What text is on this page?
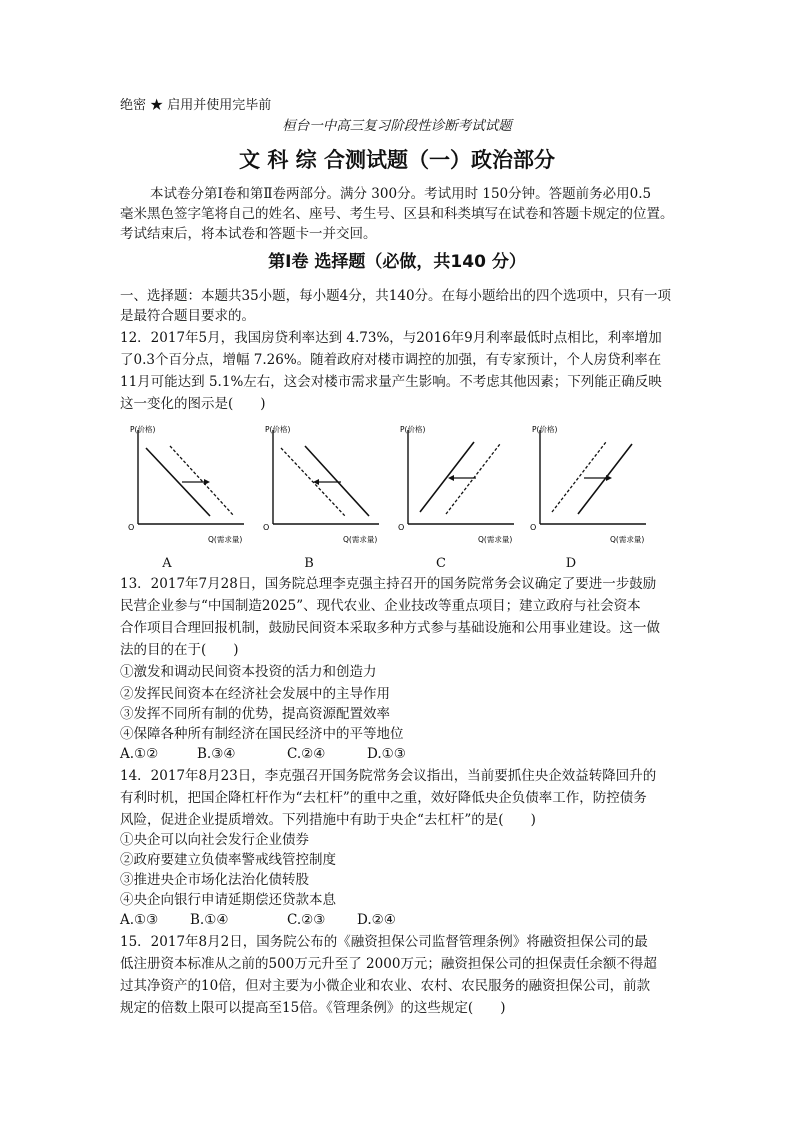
绝密 ★ 启用并使用完毕前
桓台一中高三复习阶段性诊断考试试题
文 科 综 合测试题（一）政治部分
本试卷分第Ⅰ卷和第Ⅱ卷两部分。满分 300分。考试用时 150分钟。答题前务必用0.5
毫米黑色签字笔将自己的姓名、座号、考生号、区县和科类填写在试卷和答题卡规定的位置。
考试结束后，将本试卷和答题卡一并交回。
第Ⅰ卷 选择题（必做，共140 分）
一、选择题：本题共35小题，每小题4分，共140分。在每小题给出的四个选项中，只有一项
是最符合题目要求的。
12．2017年5月，我国房贷利率达到 4.73%，与2016年9月利率最低时点相比，利率增加
了0.3个百分点，增幅 7.26%。随着政府对楼市调控的加强，有专家预计，个人房贷利率在
11月可能达到 5.1%左右，这会对楼市需求量产生影响。不考虑其他因素；下列能正确反映
这一变化的图示是(　　)
P(价格)
O
Q(需求量)
A
P(价格)
O
Q(需求量)
B
P(价格)
O
Q(需求量)
C
P(价格)
O
Q(需求量)
D
13．2017年7月28日，国务院总理李克强主持召开的国务院常务会议确定了要进一步鼓励
民营企业参与“中国制造2025”、现代农业、企业技改等重点项目；建立政府与社会资本
合作项目合理回报机制，鼓励民间资本采取多种方式参与基础设施和公用事业建设。这一做
法的目的在于(　　)
①激发和调动民间资本投资的活力和创造力
②发挥民间资本在经济社会发展中的主导作用
③发挥不同所有制的优势，提高资源配置效率
④保障各种所有制经济在国民经济中的平等地位
A.①②	B.③④	C.②④	D.①③
14．2017年8月23日，李克强召开国务院常务会议指出，当前要抓住央企效益转降回升的
有利时机，把国企降杠杆作为“去杠杆”的重中之重，效好降低央企负债率工作，防控债务
风险，促进企业提质增效。下列措施中有助于央企“去杠杆”的是(　　)
①央企可以向社会发行企业债券
②政府要建立负债率警戒线管控制度
③推进央企市场化法治化债转股
④央企向银行申请延期偿还贷款本息
A.①③ B.①④	C.②③ D.②④
15．2017年8月2日，国务院公布的《融资担保公司监督管理条例》将融资担保公司的最
低注册资本标准从之前的500万元升至了 2000万元；融资担保公司的担保责任余额不得超
过其净资产的10倍，但对主要为小微企业和农业、农村、农民服务的融资担保公司，前款
规定的倍数上限可以提高至15倍。《管理条例》的这些规定(　　)
